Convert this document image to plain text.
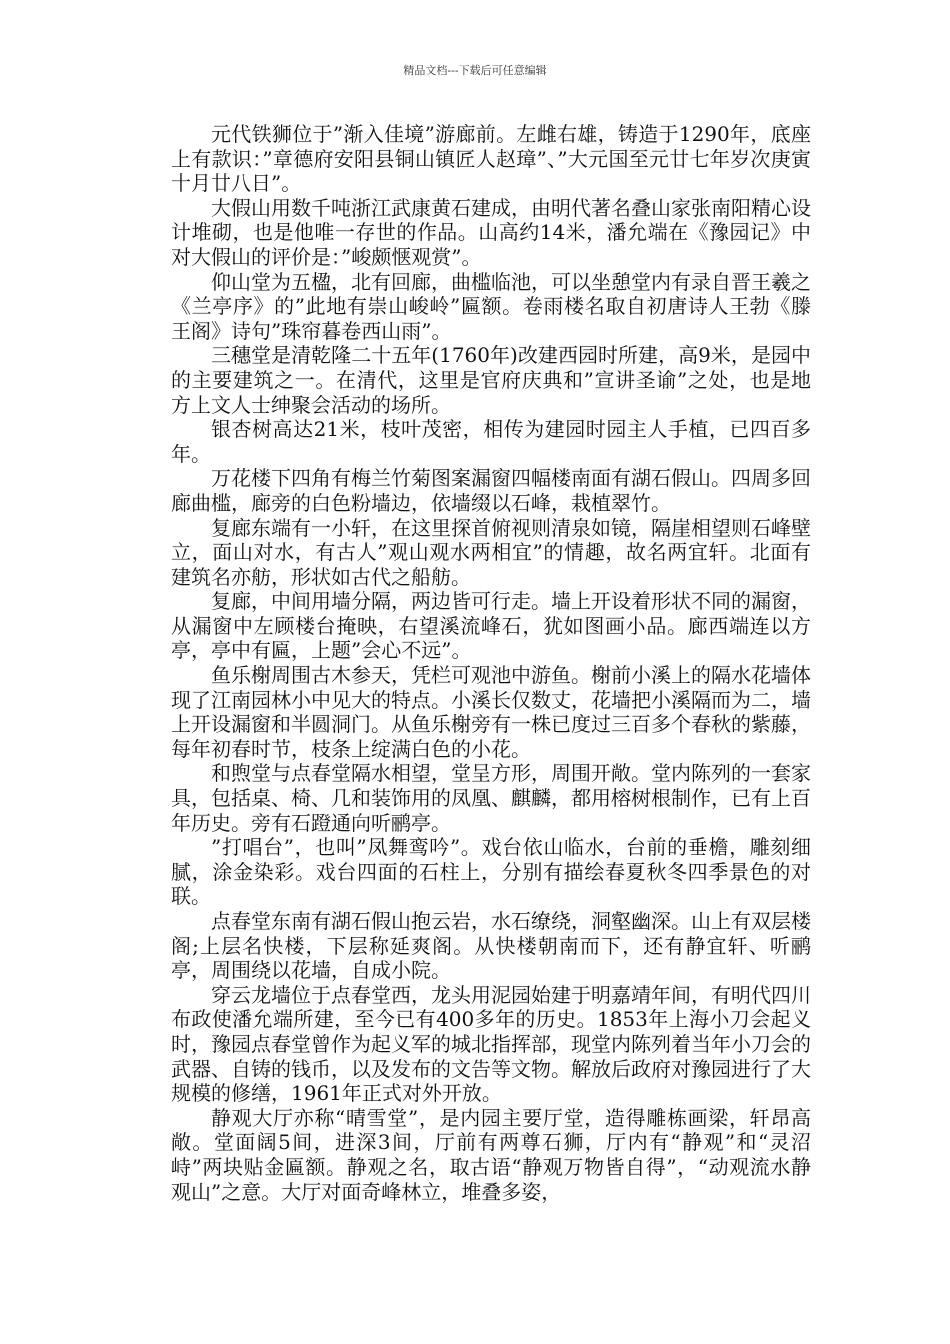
精品文档---下载后可任意编辑

元代铁狮位于”渐入佳境”游廊前。左雌右雄，铸造于1290年，底座上有款识：”章德府安阳县铜山镇匠人赵璋”、”大元国至元廿七年岁次庚寅十月廿八日”。

大假山用数千吨浙江武康黄石建成，由明代著名叠山家张南阳精心设计堆砌，也是他唯一存世的作品。山高约14米，潘允端在《豫园记》中对大假山的评价是：”峻颇惬观赏”。

仰山堂为五楹，北有回廊，曲槛临池，可以坐憩堂内有录自晋王羲之《兰亭序》的”此地有崇山峻岭”匾额。卷雨楼名取自初唐诗人王勃《滕王阁》诗句”珠帘暮卷西山雨”。

三穗堂是清乾隆二十五年(1760年)改建西园时所建，高9米，是园中的主要建筑之一。在清代，这里是官府庆典和”宣讲圣谕”之处，也是地方上文人士绅聚会活动的场所。

银杏树高达21米，枝叶茂密，相传为建园时园主人手植，已四百多年。

万花楼下四角有梅兰竹菊图案漏窗四幅楼南面有湖石假山。四周多回廊曲槛，廊旁的白色粉墙边，依墙缀以石峰，栽植翠竹。

复廊东端有一小轩，在这里探首俯视则清泉如镜，隔崖相望则石峰壁立，面山对水，有古人”观山观水两相宜”的情趣，故名两宜轩。北面有建筑名亦舫，形状如古代之船舫。

复廊，中间用墙分隔，两边皆可行走。墙上开设着形状不同的漏窗，从漏窗中左顾楼台掩映，右望溪流峰石，犹如图画小品。廊西端连以方亭，亭中有匾，上题”会心不远”。

鱼乐榭周围古木参天，凭栏可观池中游鱼。榭前小溪上的隔水花墙体现了江南园林小中见大的特点。小溪长仅数丈，花墙把小溪隔而为二，墙上开设漏窗和半圆洞门。从鱼乐榭旁有一株已度过三百多个春秋的紫藤，每年初春时节，枝条上绽满白色的小花。

和煦堂与点春堂隔水相望，堂呈方形，周围开敞。堂内陈列的一套家具，包括桌、椅、几和装饰用的凤凰、麒麟，都用榕树根制作，已有上百年历史。旁有石蹬通向听鹂亭。

”打唱台”，也叫”凤舞鸾吟”。戏台依山临水，台前的垂檐，雕刻细腻，涂金染彩。戏台四面的石柱上，分别有描绘春夏秋冬四季景色的对联。

点春堂东南有湖石假山抱云岩，水石缭绕，洞壑幽深。山上有双层楼阁;上层名快楼，下层称延爽阁。从快楼朝南而下，还有静宜轩、听鹂亭，周围绕以花墙，自成小院。

穿云龙墙位于点春堂西，龙头用泥园始建于明嘉靖年间，有明代四川布政使潘允端所建，至今已有400多年的历史。1853年上海小刀会起义时，豫园点春堂曾作为起义军的城北指挥部，现堂内陈列着当年小刀会的武器、自铸的钱币，以及发布的文告等文物。解放后政府对豫园进行了大规模的修缮，1961年正式对外开放。

静观大厅亦称“晴雪堂”，是内园主要厅堂，造得雕栋画梁，轩昂高敞。堂面阔5间，进深3间，厅前有两尊石狮，厅内有“静观”和“灵沼峙”两块贴金匾额。静观之名，取古语“静观万物皆自得”，“动观流水静观山”之意。大厅对面奇峰林立，堆叠多姿，
